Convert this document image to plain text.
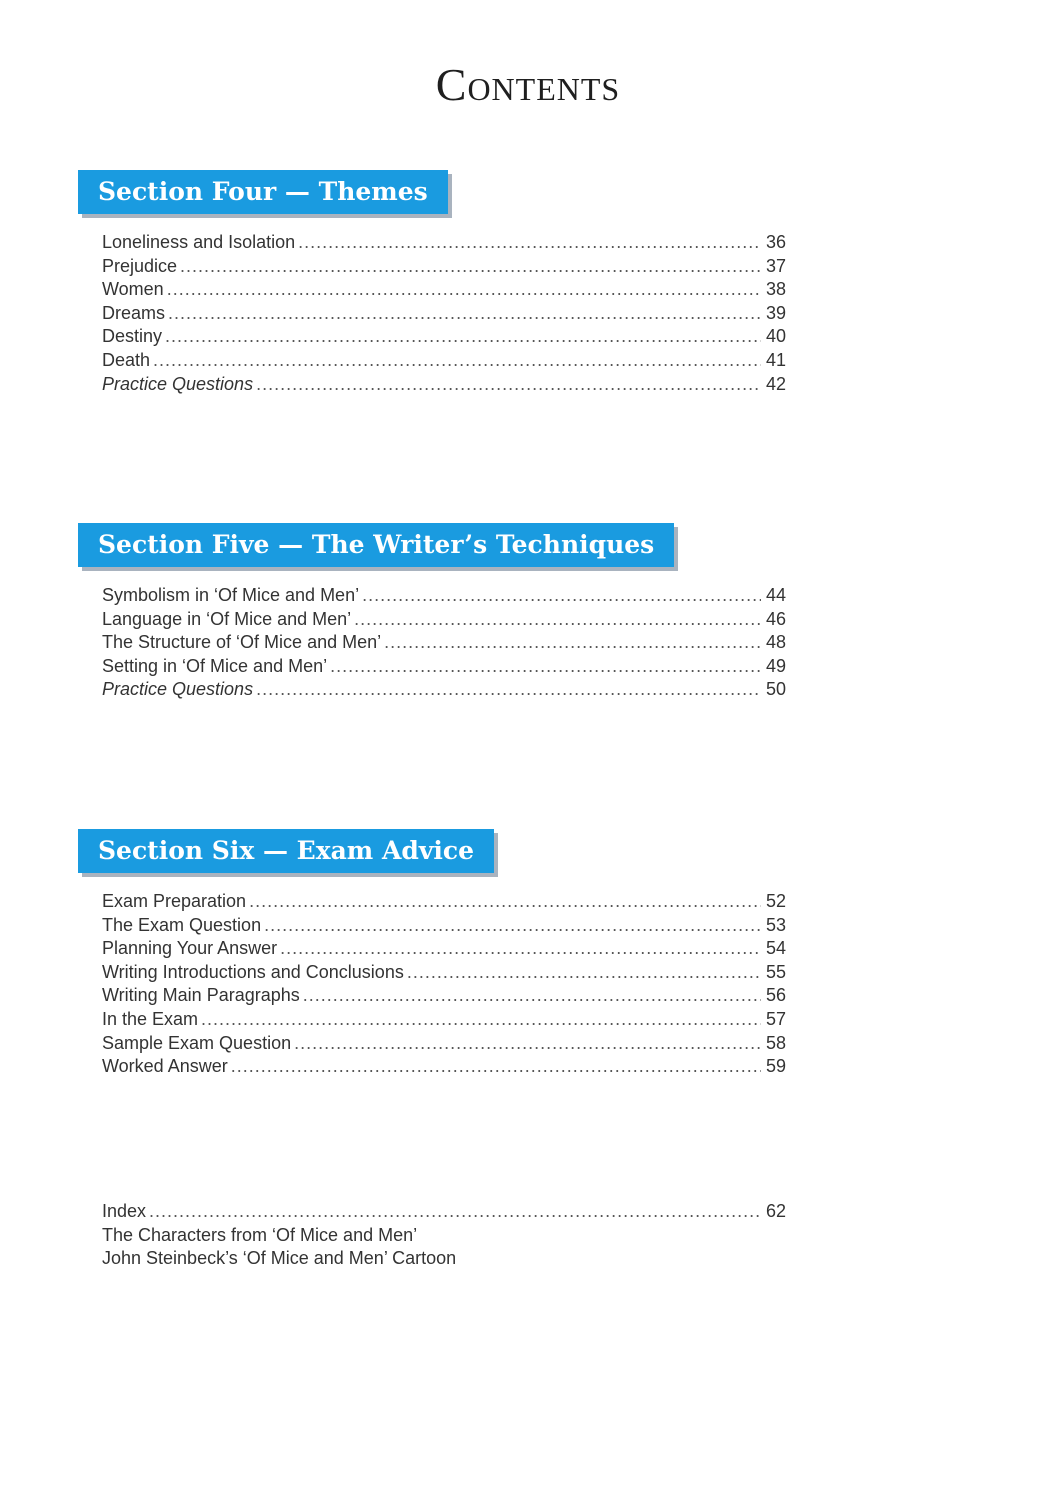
Contents
Section Four — Themes
Loneliness and Isolation .....	36
Prejudice .....	37
Women .....	38
Dreams .....	39
Destiny .....	40
Death .....	41
Practice Questions .....	42
Section Five — The Writer’s Techniques
Symbolism in ‘Of Mice and Men’ .....	44
Language in ‘Of Mice and Men’ .....	46
The Structure of ‘Of Mice and Men’ .....	48
Setting in ‘Of Mice and Men’ .....	49
Practice Questions .....	50
Section Six — Exam Advice
Exam Preparation .....	52
The Exam Question .....	53
Planning Your Answer .....	54
Writing Introductions and Conclusions .....	55
Writing Main Paragraphs .....	56
In the Exam .....	57
Sample Exam Question .....	58
Worked Answer .....	59
Index .....	62
The Characters from ‘Of Mice and Men’
John Steinbeck’s ‘Of Mice and Men’ Cartoon
